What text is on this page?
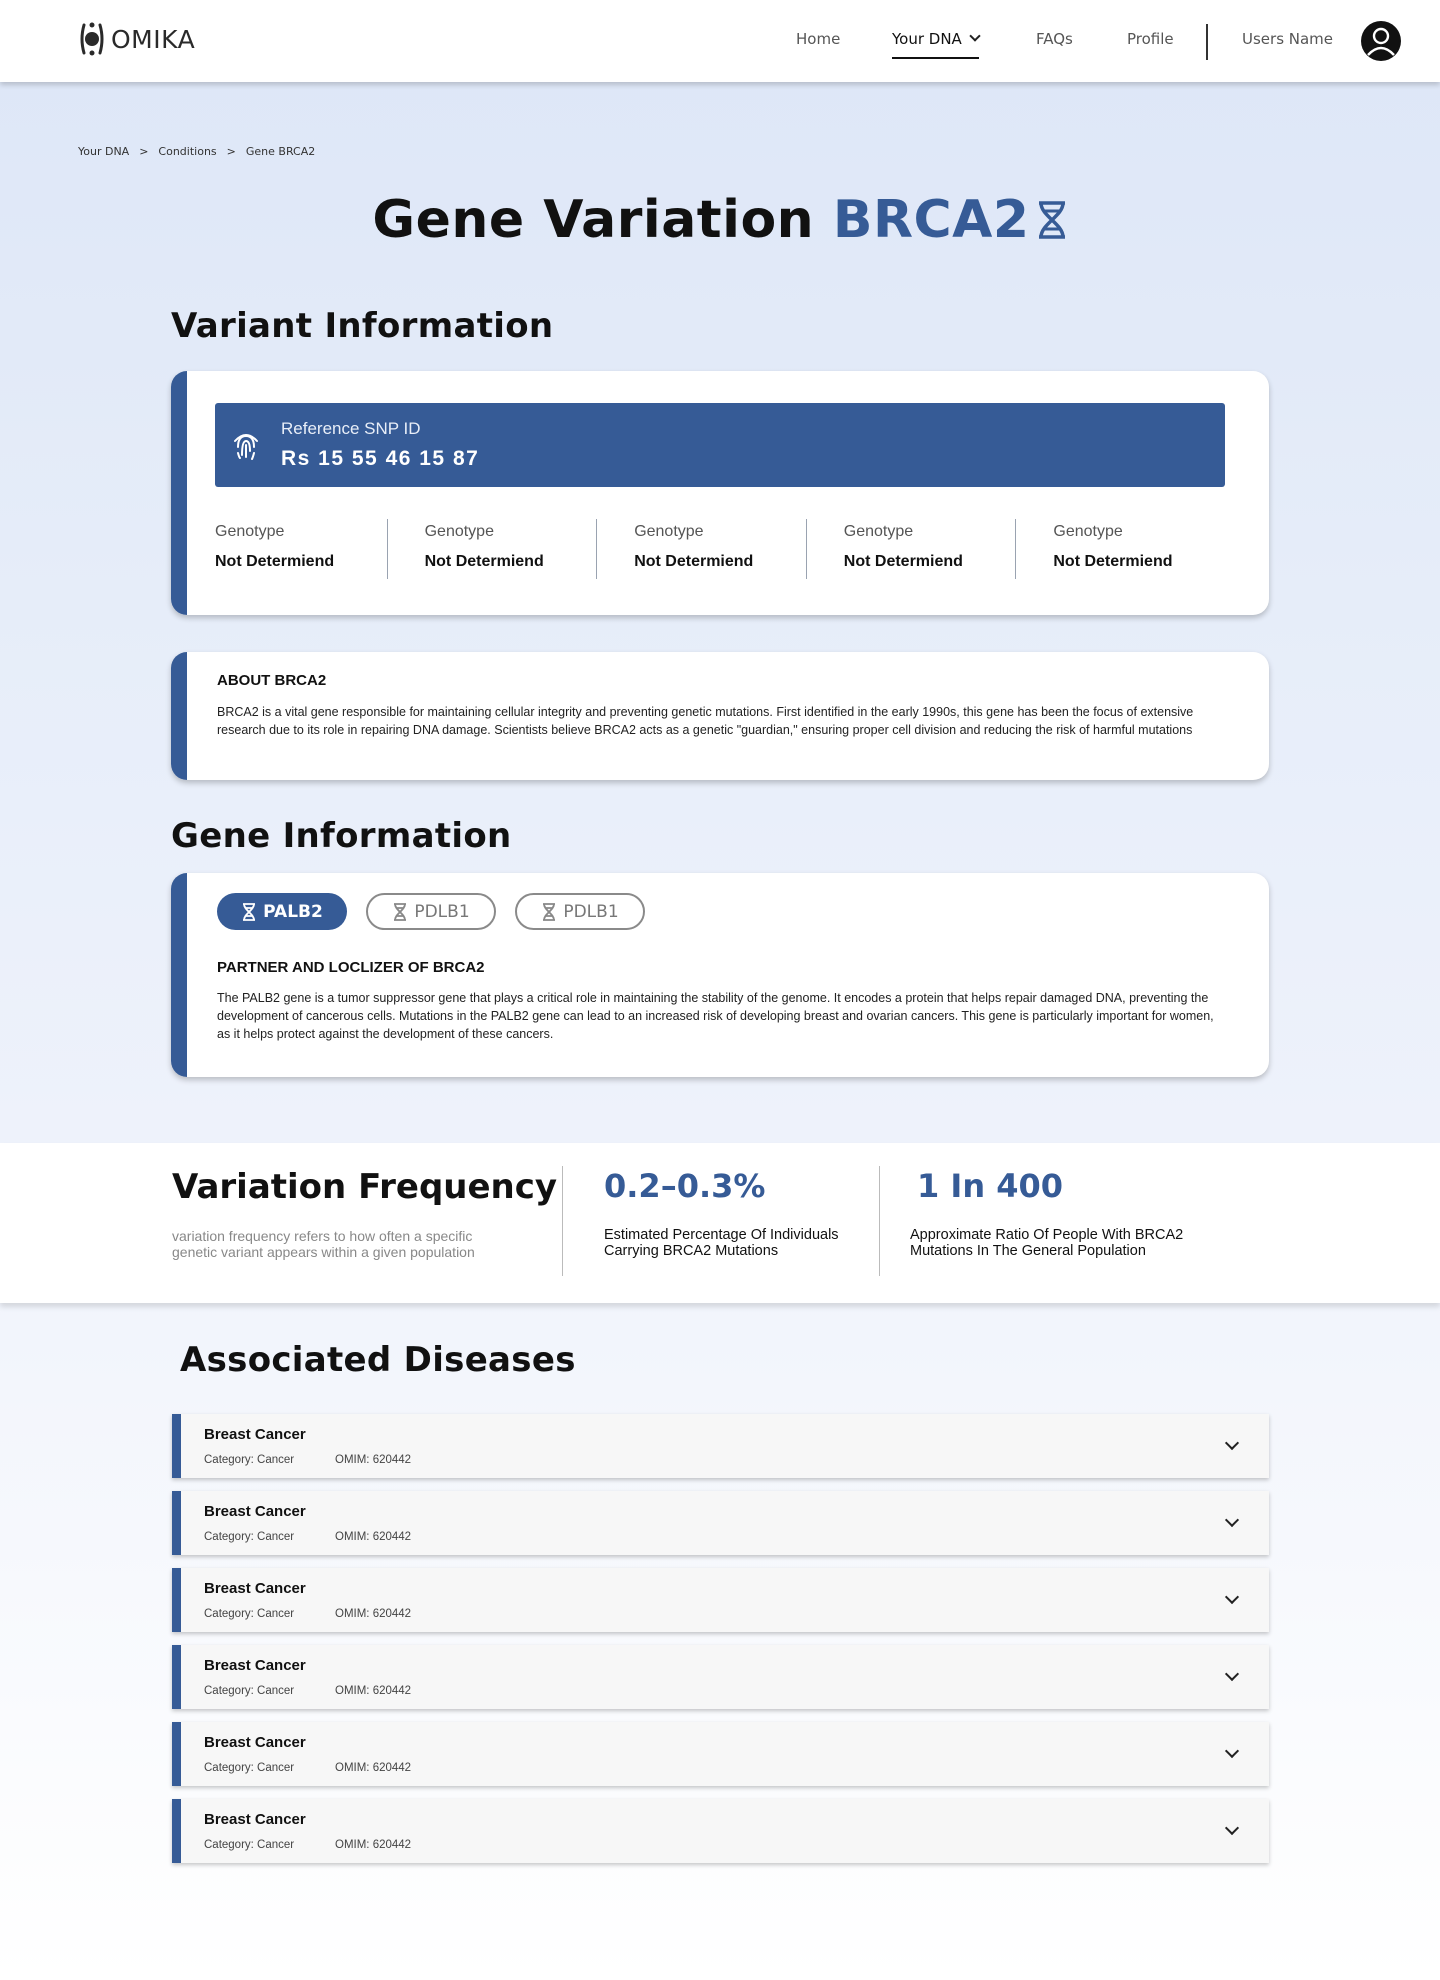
OMIKA	Home	Your DNA	FAQs	Profile	Users Name
Your DNA > Conditions > Gene BRCA2
Gene Variation BRCA2
Variant Information
Reference SNP ID
Rs 15 55 46 15 87
Genotype
Not Determiend
Genotype
Not Determiend
Genotype
Not Determiend
Genotype
Not Determiend
Genotype
Not Determiend
ABOUT BRCA2

BRCA2 is a vital gene responsible for maintaining cellular integrity and preventing genetic mutations. First identified in the early 1990s, this gene has been the focus of extensive research due to its role in repairing DNA damage. Scientists believe BRCA2 acts as a genetic "guardian," ensuring proper cell division and reducing the risk of harmful mutations

Gene Information
PALB2	PDLB1	PDLB1
PARTNER AND LOCLIZER OF BRCA2

The PALB2 gene is a tumor suppressor gene that plays a critical role in maintaining the stability of the genome. It encodes a protein that helps repair damaged DNA, preventing the development of cancerous cells. Mutations in the PALB2 gene can lead to an increased risk of developing breast and ovarian cancers. This gene is particularly important for women, as it helps protect against the development of these cancers.

Variation Frequency

variation frequency refers to how often a specific genetic variant appears within a given population

0.2–0.3%

Estimated Percentage Of Individuals Carrying BRCA2 Mutations

1 In 400

Approximate Ratio Of People With BRCA2 Mutations In The General Population

Associated Diseases
Breast Cancer
Category: Cancer	OMIM: 620442
Breast Cancer
Category: Cancer	OMIM: 620442
Breast Cancer
Category: Cancer	OMIM: 620442
Breast Cancer
Category: Cancer	OMIM: 620442
Breast Cancer
Category: Cancer	OMIM: 620442
Breast Cancer
Category: Cancer	OMIM: 620442
